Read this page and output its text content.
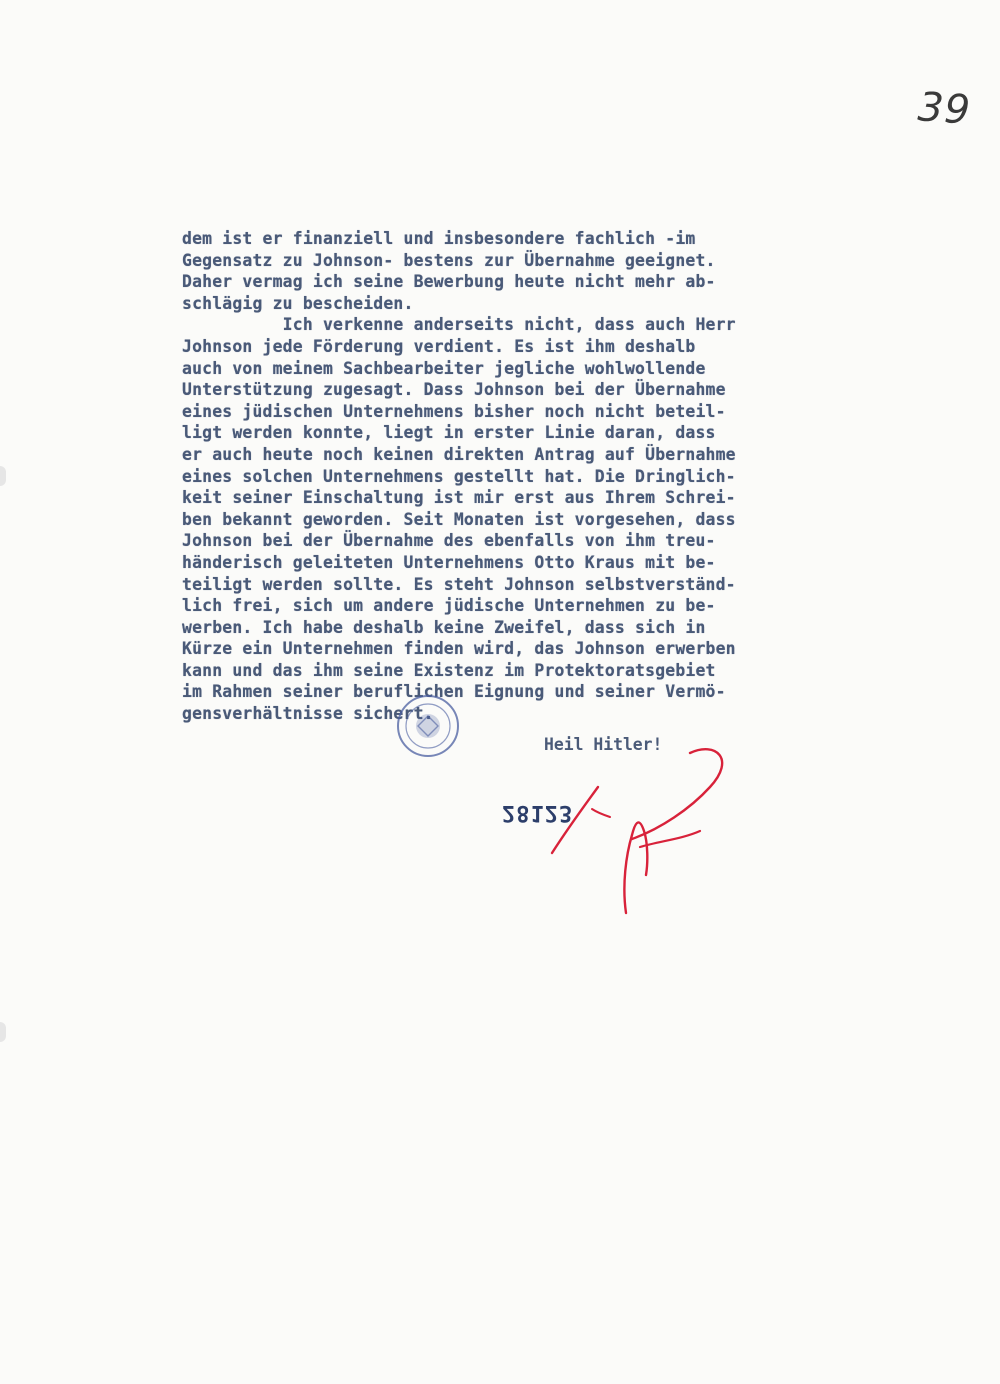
39
dem ist er finanziell und insbesondere fachlich -im
Gegensatz zu Johnson- bestens zur Übernahme geeignet.
Daher vermag ich seine Bewerbung heute nicht mehr ab-
schlägig zu bescheiden.
Ich verkenne anderseits nicht, dass auch Herr
Johnson jede Förderung verdient. Es ist ihm deshalb
auch von meinem Sachbearbeiter jegliche wohlwollende
Unterstützung zugesagt. Dass Johnson bei der Übernahme
eines jüdischen Unternehmens bisher noch nicht beteil-
ligt werden konnte, liegt in erster Linie daran, dass
er auch heute noch keinen direkten Antrag auf Übernahme
eines solchen Unternehmens gestellt hat. Die Dringlich-
keit seiner Einschaltung ist mir erst aus Ihrem Schrei-
ben bekannt geworden. Seit Monaten ist vorgesehen, dass
Johnson bei der Übernahme des ebenfalls von ihm treu-
händerisch geleiteten Unternehmens Otto Kraus mit be-
teiligt werden sollte. Es steht Johnson selbstverständ-
lich frei, sich um andere jüdische Unternehmen zu be-
werben. Ich habe deshalb keine Zweifel, dass sich in
Kürze ein Unternehmen finden wird, das Johnson erwerben
kann und das ihm seine Existenz im Protektoratsgebiet
im Rahmen seiner beruflichen Eignung und seiner Vermö-
gensverhältnisse sichert.
Heil Hitler!
28123
